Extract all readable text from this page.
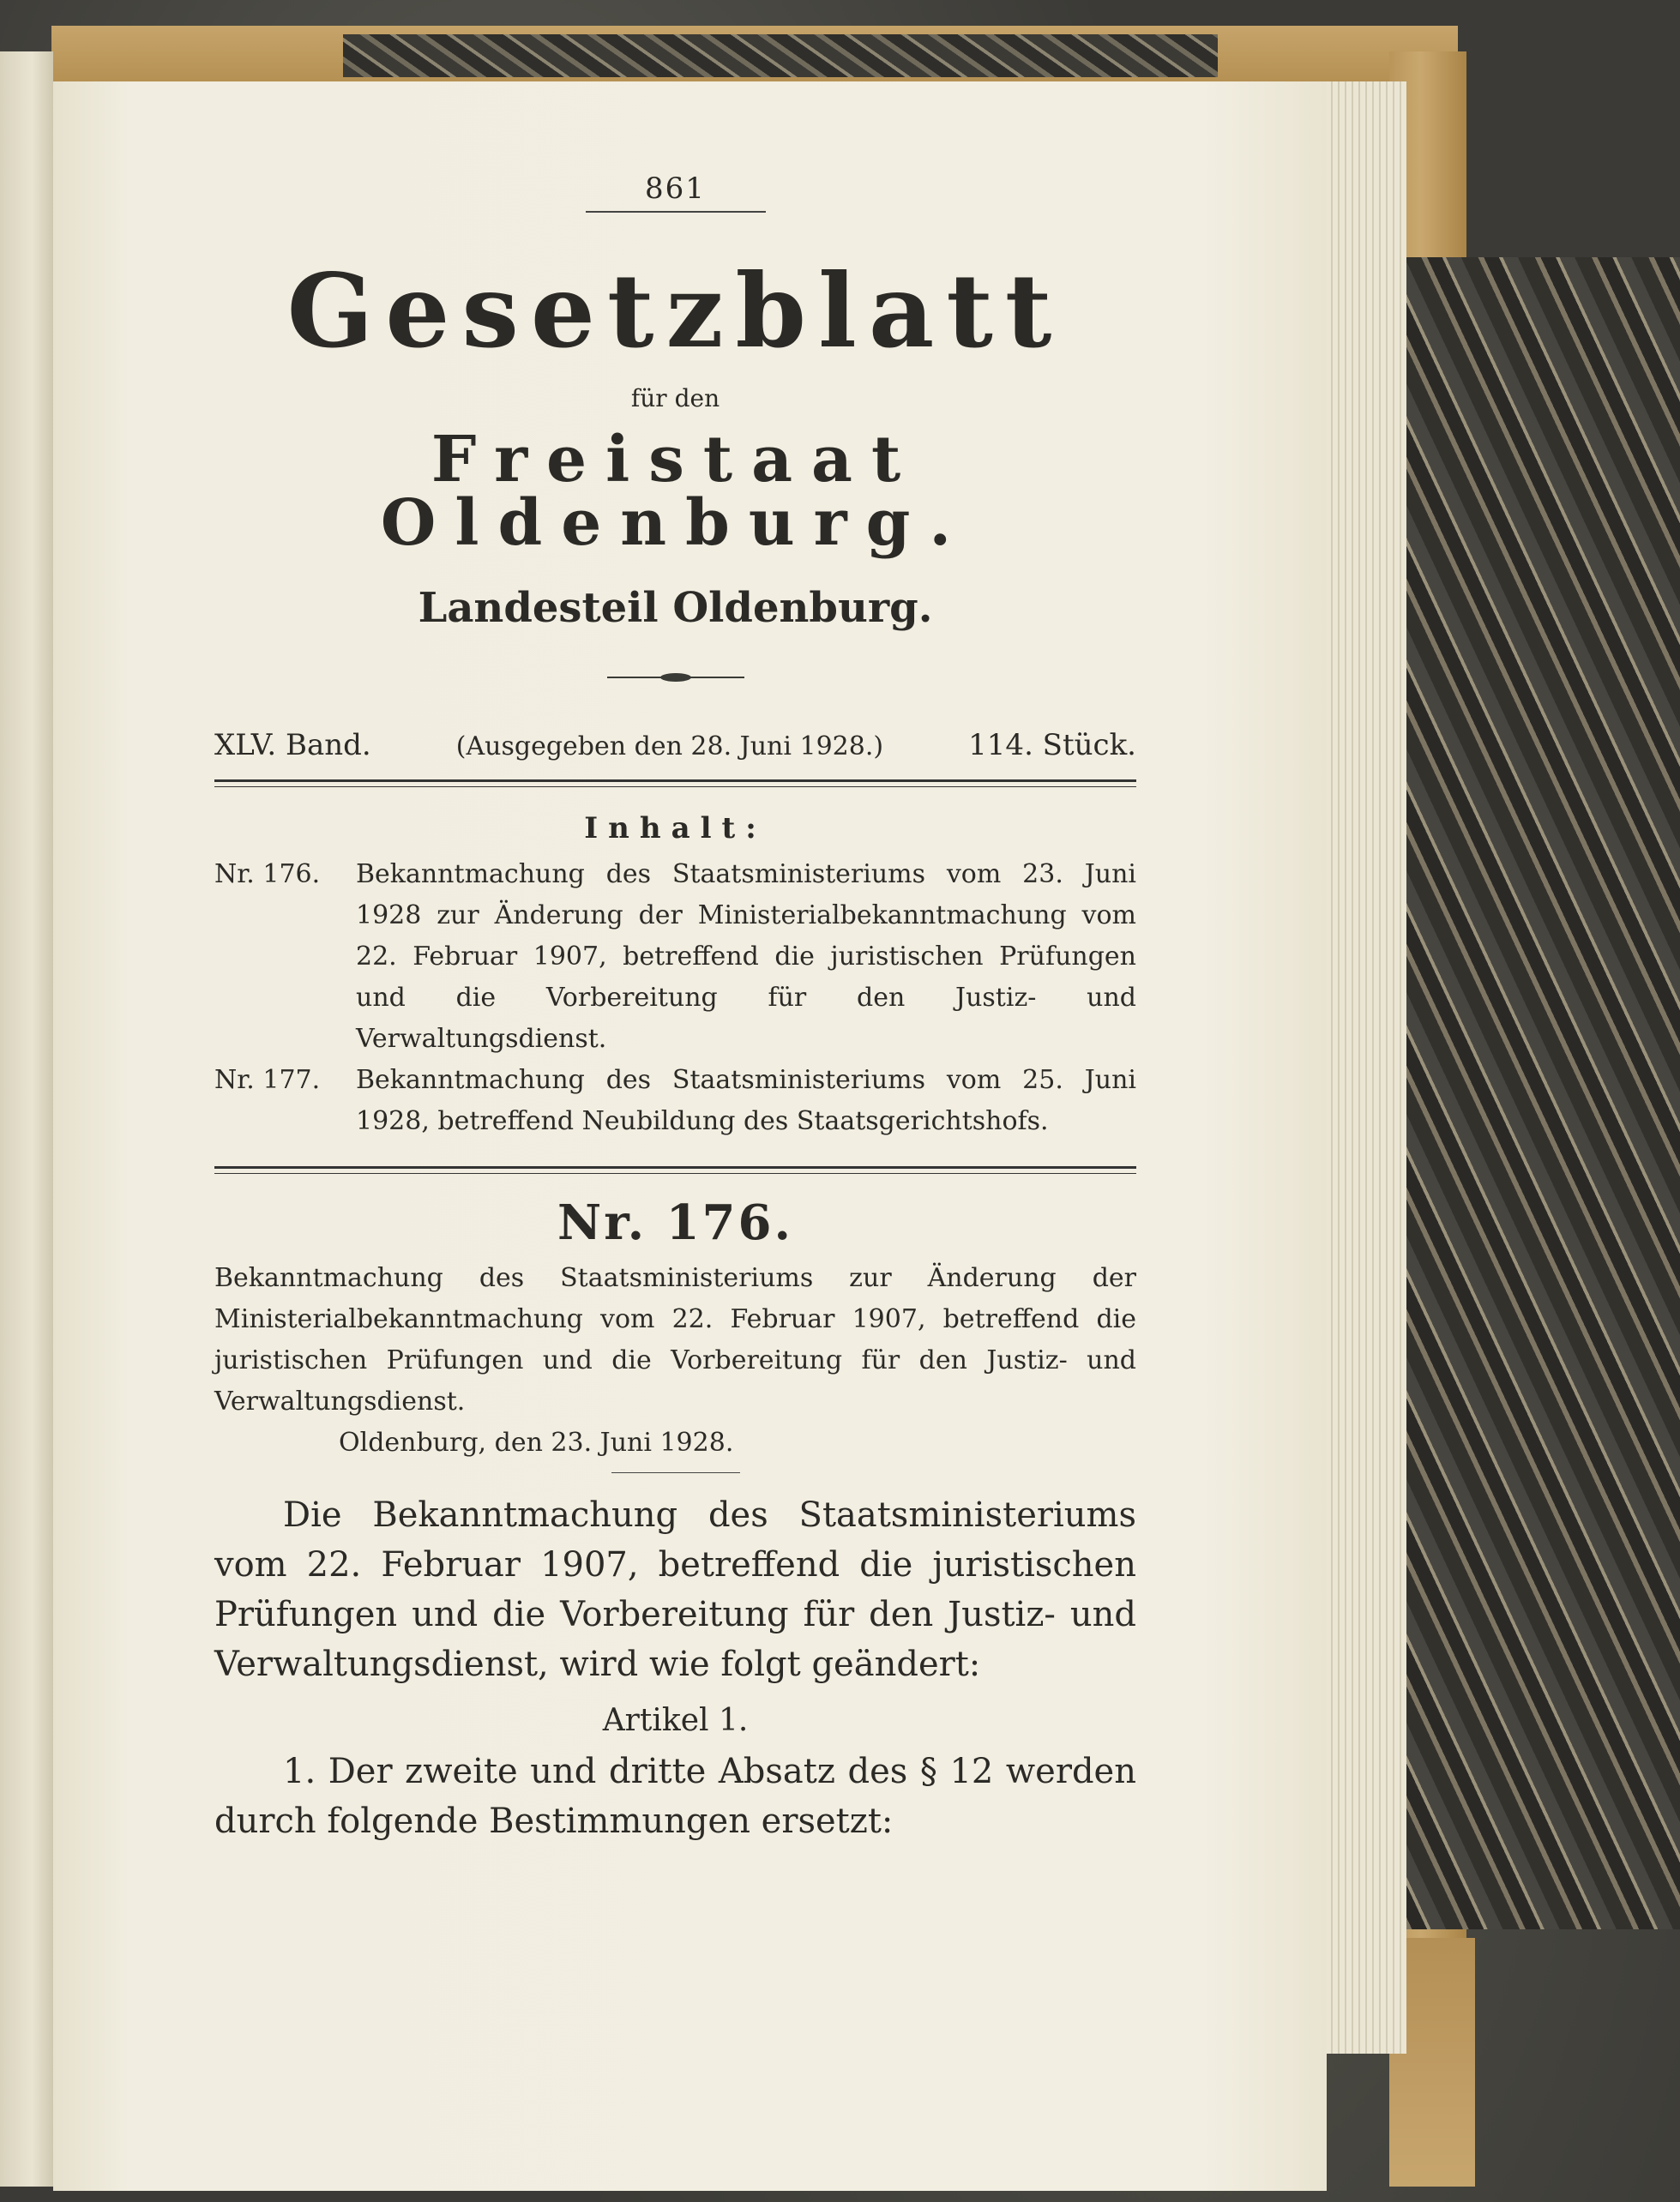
861
Gesetzblatt
für den
Freistaat Oldenburg.
Landesteil Oldenburg.
XLV. Band.	(Ausgegeben den 28. Juni 1928.)	114. Stück.
Inhalt:
Nr. 176.	Bekanntmachung des Staatsministeriums vom 23. Juni 1928 zur Änderung der Ministerialbekanntmachung vom 22. Februar 1907, betreffend die juristischen Prüfungen und die Vorbereitung für den Justiz- und Verwaltungsdienst.
Nr. 177.	Bekanntmachung des Staatsministeriums vom 25. Juni 1928, betreffend Neubildung des Staatsgerichtshofs.
Nr. 176.
Bekanntmachung des Staatsministeriums zur Änderung der Ministerialbekanntmachung vom 22. Februar 1907, betreffend die juristischen Prüfungen und die Vorbereitung für den Justiz- und Verwaltungsdienst.
Oldenburg, den 23. Juni 1928.
Die Bekanntmachung des Staatsministeriums vom 22. Februar 1907, betreffend die juristischen Prüfungen und die Vorbereitung für den Justiz- und Verwaltungsdienst, wird wie folgt geändert:
Artikel 1.
1. Der zweite und dritte Absatz des § 12 werden durch folgende Bestimmungen ersetzt:
